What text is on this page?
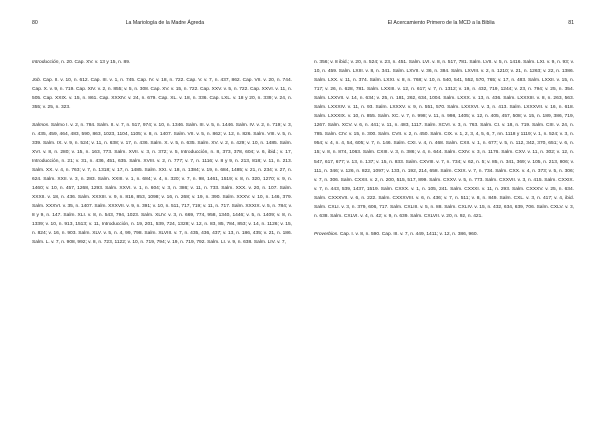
80	La Mariología de la Madre Ágreda

Introducción, n. 20. Cap. XV. v. 13 y 15, n. 89.

Job. Cap. II. v. 10, n. 612. Cap. III. v. 1, n. 745. Cap. IV. v. 18, n. 722. Cap. V. v. 7, n. 437, 862. Cap. VII. v. 20, n. 744. Cap. X. v. 9, n. 719. Cap. XIV. v. 2, n. 855; v. 5, n. 308. Cap. XV. v. 15, n. 722. Cap. XXV. v. 5, n. 722. Cap. XXVI. v. 11, n. 505. Cap. XXIX. v. 15, n. 861. Cap. XXXIV. v. 24, n. 679. Cap. XL. v. 18, n. 336. Cap. LXL. v. 18 y 20, n. 339; v. 24, n. 355; v. 25, n. 323.

Salmos. Salmo I. v. 2, n. 784. Salm. II. v. 7, n. 517, 974; v. 10, n. 1346. Salm. III. v. 5, n. 1446. Salm. IV. v. 2, n. 719; v. 3, n. 435, 459, 464, 483, 590, 863, 1023, 1104, 1105; v. 8, n. 1407. Salm. VII. v. 5, n. 862; v. 12, n. 826. Salm. VIII. v. 5, n. 339. Salm. IX. v. 9, n. 524; v. 11, n. 638; v. 17, n. 436. Salm. X. v. 5, n. 635. Salm. XV. v. 2, n. 429; v. 10, n. 1485. Salm. XVI. v. 8, n. 280; v. 15, n. 163, 773. Salm. XVII. v. 3, n. 372; v. 5, Introducción, n. 8, 373, 378, 604; v. 6, ibid.; v. 17, Introducción, n. 21; v. 31, n. 436, 451, 635. Salm. XVIII. v. 2, n. 777; v. 7, n. 1116; v. 8 y 9, n. 213, 818; v. 11, n. 213. Salm. XX. v. 4, n. 763; v. 7, n. 1318; v. 17, n. 1485. Salm. XXI. v. 18, n. 1384; v. 19, n. 684, 1485; v. 21, n. 234; v. 27, n. 624. Salm. XXII. v. 3, n. 283. Salm. XXIII. v. 1, n. 684; v. 4, n. 320; v. 7, n. 98, 1461, 1519; v. 8, n. 320, 1270; v. 9, n. 1460; v. 10, n. 457, 1268, 1293. Salm. XXVI. v. 1, n. 604; v. 3, n. 386; v. 11, n. 733. Salm. XXX. v. 20, n. 107. Salm. XXXII. v. 18, n. 436. Salm. XXXIII. v. 9, n. 816, 853, 1098; v. 16, n. 268; v. 19, n. 390. Salm. XXXV. v. 10, n. 146, 379. Salm. XXXVI. v. 35, n. 1407. Salm. XXXVII. v. 9, n. 391; v. 10, n. 511, 717, 719; v. 11, n. 717. Salm. XXXIX. v. 5, n. 784; v. 8 y 9, n. 147. Salm. XLI. v. 8, n. 543, 794, 1023. Salm. XLIV. v. 3, n. 669, 774, 958, 1340, 1446; v. 5, n. 1409; v. 8, n. 1339; v. 10, n. 913, 1513; v. 11, Introducción, n. 19, 201, 539, 724, 1328; v. 12, n. 83, 85, 784, 853; v. 14, n. 1126; v. 15, n. 824; v. 16, n. 903. Salm. XLV. v. 5, n. 4, 99, 798. Salm. XLVIII. v. 7, n. 435, 436, 437; v. 13, n. 186, 435; v. 21, n. 186. Salm. L. v. 7, n. 908, 992; v. 8, n. 723, 1122; v. 10, n. 719, 794; v. 19, n. 719, 792. Salm. LI. v. 9, n. 638. Salm. LIV. v. 7,

El Acercamiento Primero de la MCD a la Biblia	81

n. 356; v. 8 ibid.; v. 20, n. 524; v. 23, n. 451. Salm. LVI. v. 8, n. 517, 781. Salm. LVII. v. 5, n. 1416. Salm. LXI. v. 9, n. 93; v. 10, n. 459. Salm. LXIII. v. 8, n. 341. Salm. LXVII. v. 36, n. 384. Salm. LXVIII. v. 2, n. 1210; v. 21, n. 1263; v. 22, n. 1386. Salm. LXX. v. 11, n. 374. Salm. LXXI. v. 8, n. 768; v. 10, n. 540, 541, 552, 570, 765; v. 17, n. 483. Salm. LXXII. v. 15, n. 717; v. 26, n. 628, 781. Salm. LXXIII. v. 12, n. 617; v. 7, n. 1312; v. 19, n. 432, 719, 1244; v. 23, n. 794; v. 25, n. 354. Salm. LXXVII. v. 14, n. 634; v. 25, n. 181, 262, 634, 1004. Salm. LXXX. v. 13, n. 436. Salm. LXXXIII. v. 8, n. 263, 563. Salm. LXXXIV. v. 11, n. 93. Salm. LXXXV. v. 9, n. 551, 570. Salm. LXXXVI. v. 3, n. 413. Salm. LXXXVII. v. 16, n. 618. Salm. LXXXIX. v. 10, n. 855. Salm. XC. v. 7, n. 998; v. 11, n. 998, 1405; v. 12, n. 405, 457, 508; v. 15, n. 189, 386, 719, 1267. Salm. XCV. v. 6, n. 441; v. 11, n. 483, 1117. Salm. XCVI. v. 3, n. 763. Salm. CI. v. 18, n. 719. Salm. CIII. v. 24, n. 785. Salm. CIV. v. 15, n. 300. Salm. CVII. v. 2, n. 450. Salm. CIX. v. 1, 2, 3, 4, 5, 6, 7, nn. 1118 y 1119; v. 1, n. 524; v. 3, n. 954; v. 4, n. 4, 54, 605; v. 7, n. 146. Salm. CXI. v. 4, n. 468. Salm. CXII. v. 1, n. 677; v. 5, n. 112, 342, 370, 651; v. 6, n. 15; v. 8, n. 874, 1063. Salm. CXIII. v. 3, n. 386; v. 4, n. 644. Salm. CXIV. v. 3, n. 1176. Salm. CXV. v. 11, n. 302; v. 12, n. 547, 617, 677; v. 13, n. 137; v. 15, n. 833. Salm. CXVIII. v. 7, n. 734; v. 62, n. 5; v. 85, n. 341, 369; v. 105, n. 213, 806; v. 111, n. 346; v. 126, n. 822, 1097; v. 133, n. 192, 214, 658. Salm. CXIX. v. 7, n. 734. Salm. CXX. v. 4, n. 373; v. 5, n. 306; v. 7, n. 306. Salm. CXXII. v. 2, n. 200, 515, 517, 899. Salm. CXXV. v. 5, n. 773. Salm. CXXVII. v. 3, n. 415. Salm. CXXIX. v. 7, n. 443, 539, 1437, 1519. Salm. CXXX. v. 1, n. 105, 241. Salm. CXXXI. v. 11, n. 293. Salm. CXXXV. v. 25, n. 634. Salm. CXXXVII. v. 6, n. 222. Salm. CXXXVIII. v. 6, n. 436; v. 7, n. 511; v. 8, n. 849. Salm. CXL. v. 3, n. 417; v. 4, ibid. Salm. CXLI. v. 3, n. 379, 606, 717. Salm. CXLIII. v. 5, n. 88. Salm. CXLIV. v. 15, n. 432, 634, 639, 706. Salm. CXLV. v. 3, n. 638. Salm. CXLVI. v. 4, n. 42; v. 9, n. 639. Salm. CXLVII. v. 20, n. 92, n. 421.

Proverbios. Cap. I. v. 8, n. 590. Cap. III. v. 7, n. 449, 1411; v. 12, n. 386, 960.
